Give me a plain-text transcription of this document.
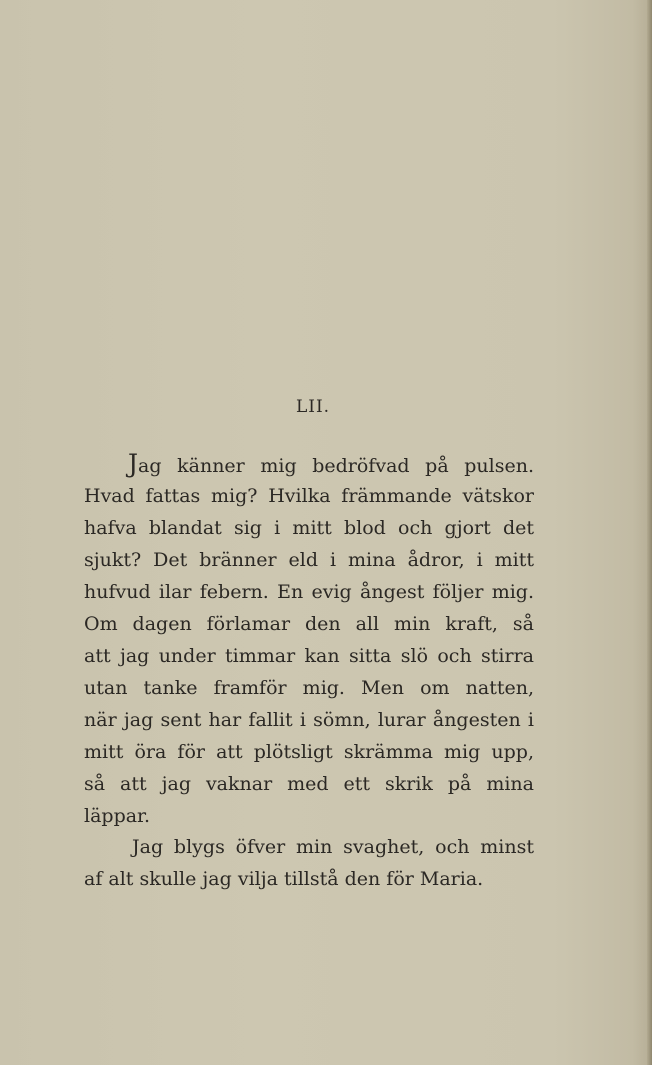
LII.
Jag känner mig bedröfvad på pulsen.
Hvad fattas mig? Hvilka främmande vätskor
hafva blandat sig i mitt blod och gjort det
sjukt? Det bränner eld i mina ådror, i mitt
hufvud ilar febern. En evig ångest följer mig.
Om dagen förlamar den all min kraft, så
att jag under timmar kan sitta slö och stirra
utan tanke framför mig. Men om natten,
när jag sent har fallit i sömn, lurar ångesten i
mitt öra för att plötsligt skrämma mig upp,
så att jag vaknar med ett skrik på mina
läppar.
Jag blygs öfver min svaghet, och minst
af alt skulle jag vilja tillstå den för Maria.
